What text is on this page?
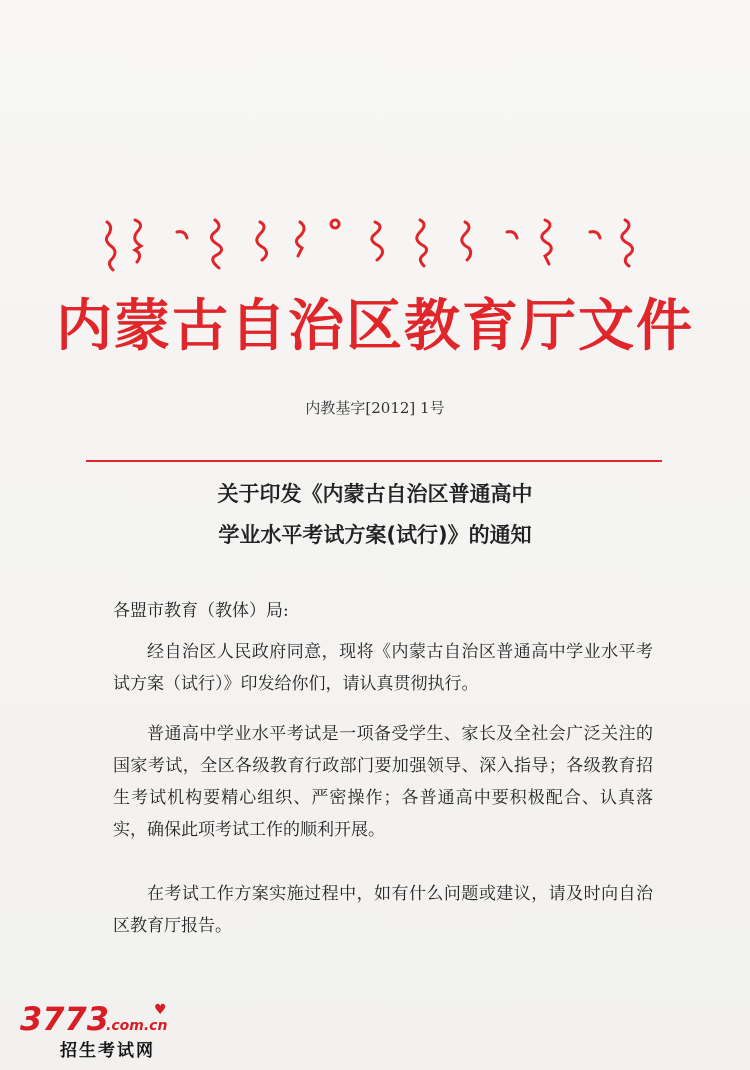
内蒙古自治区教育厅文件
内教基字[2012] 1号
关于印发《内蒙古自治区普通高中
学业水平考试方案(试行)》的通知
各盟市教育（教体）局:

经自治区人民政府同意，现将《内蒙古自治区普通高中学业水平考试方案（试行）》印发给你们，请认真贯彻执行。

普通高中学业水平考试是一项备受学生、家长及全社会广泛关注的国家考试，全区各级教育行政部门要加强领导、深入指导；各级教育招生考试机构要精心组织、严密操作；各普通高中要积极配合、认真落实，确保此项考试工作的顺利开展。

在考试工作方案实施过程中，如有什么问题或建议，请及时向自治区教育厅报告。

3773	♥
.com.cn
招生考试网
